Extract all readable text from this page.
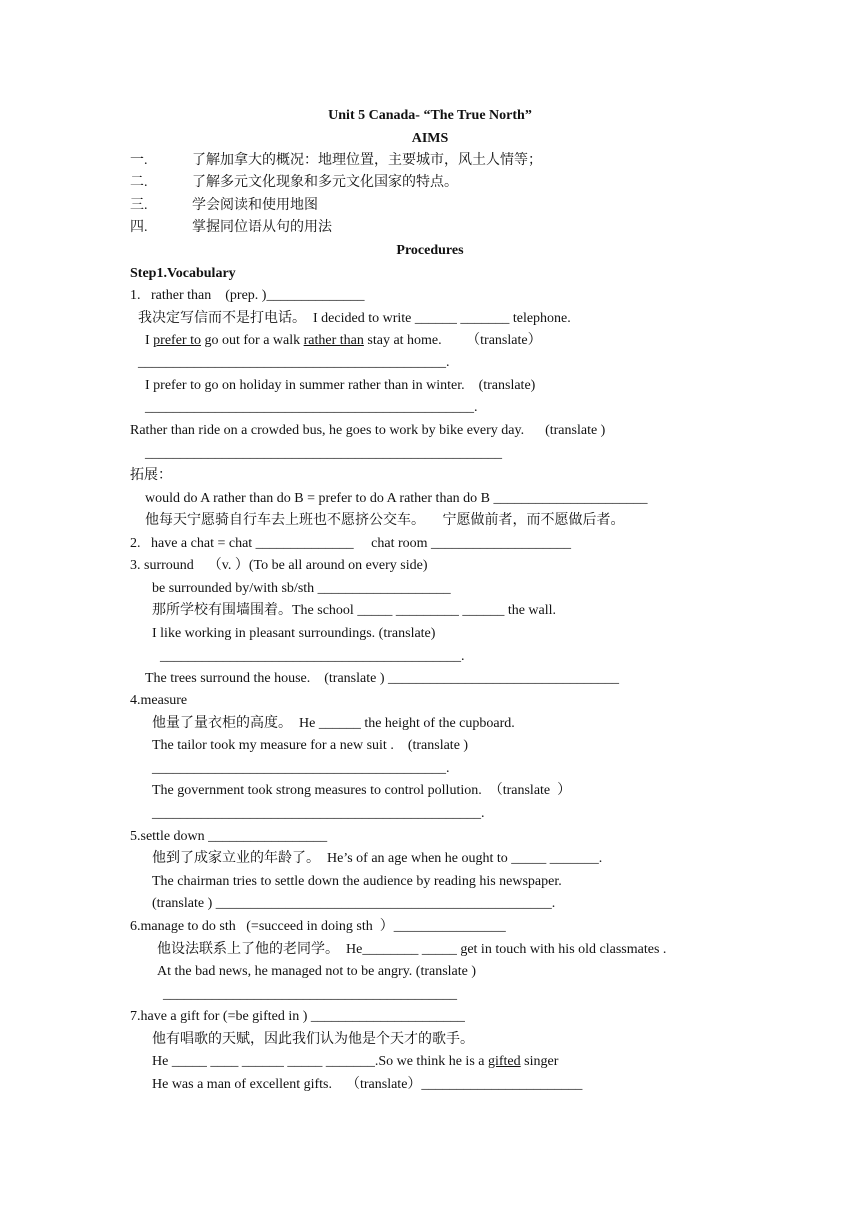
Unit 5 Canada- “The True North”
AIMS
一.	了解加拿大的概况：地理位置，主要城市，风土人情等；
二.	了解多元文化现象和多元文化国家的特点。
三.	学会阅读和使用地图
四.	掌握同位语从句的用法
Procedures
Step1.Vocabulary
1.   rather than    (prep. )______________
我决定写信而不是打电话。  I decided to write ______ _______ telephone.
I prefer to go out for a walk rather than stay at home.       （translate）
____________________________________________.
I prefer to go on holiday in summer rather than in winter.    (translate)
_______________________________________________.
Rather than ride on a crowded bus, he goes to work by bike every day.      (translate )
___________________________________________________
拓展：
would do A rather than do B = prefer to do A rather than do B ______________________
他每天宁愿骑自行车去上班也不愿挤公交车。     宁愿做前者，而不愿做后者。
2.   have a chat = chat ______________     chat room ____________________
3. surround    （v. ）(To be all around on every side)
be surrounded by/with sb/sth ___________________
那所学校有围墙围着。The school _____ _________ ______ the wall.
I like working in pleasant surroundings. (translate)
___________________________________________.
The trees surround the house.    (translate ) _________________________________
4.measure
他量了量衣柜的高度。  He ______ the height of the cupboard.
The tailor took my measure for a new suit .    (translate )
__________________________________________.
The government took strong measures to control pollution.  （translate  ）
_______________________________________________.
5.settle down _________________
他到了成家立业的年龄了。  He’s of an age when he ought to _____ _______.
The chairman tries to settle down the audience by reading his newspaper.
(translate ) ________________________________________________.
6.manage to do sth   (=succeed in doing sth  ）________________
他设法联系上了他的老同学。  He________ _____ get in touch with his old classmates .
At the bad news, he managed not to be angry. (translate )
__________________________________________
7.have a gift for (=be gifted in ) ______________________
他有唱歌的天赋，因此我们认为他是个天才的歌手。
He _____ ____ ______ _____ _______.So we think he is a gifted singer
He was a man of excellent gifts.    （translate）_______________________
